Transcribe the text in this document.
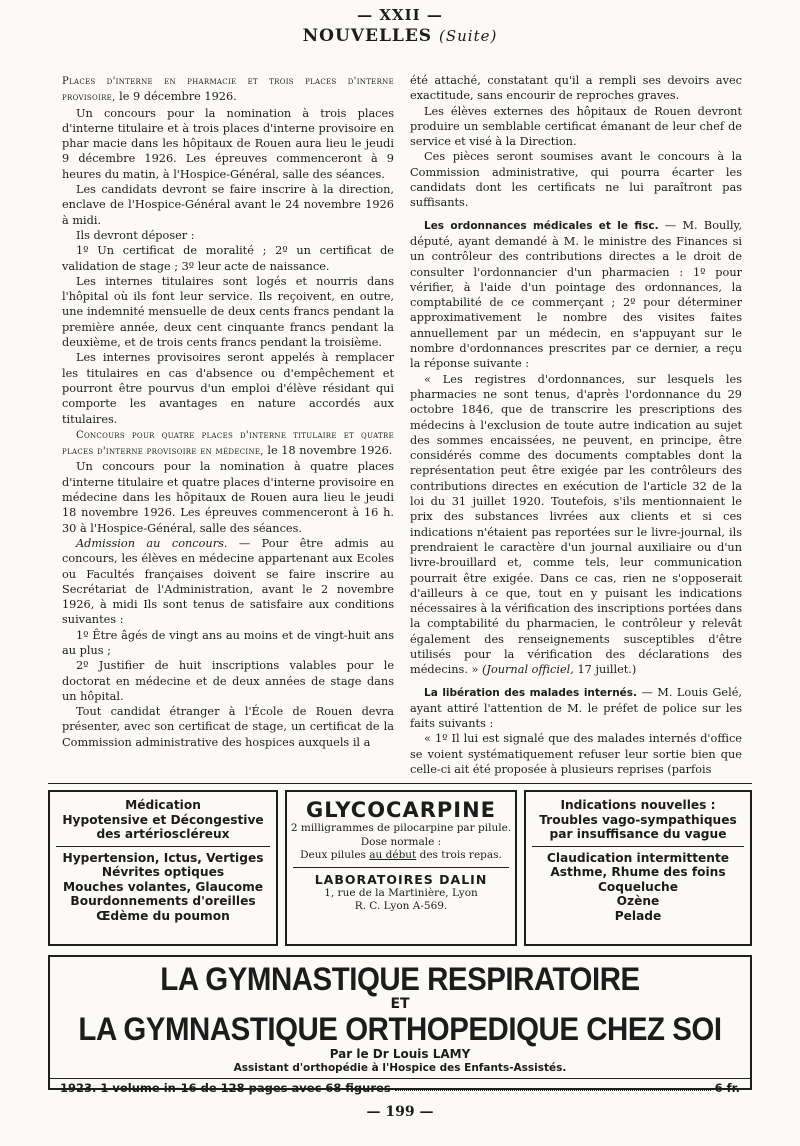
— XXII —
NOUVELLES (Suite)

Places d'interne en pharmacie et trois places d'interne provisoire, le 9 décembre 1926.

Un concours pour la nomination à trois places d'interne titulaire et à trois places d'interne provisoire en phar macie dans les hôpitaux de Rouen aura lieu le jeudi 9 décembre 1926. Les épreuves commenceront à 9 heures du matin, à l'Hospice-Général, salle des séances.

Les candidats devront se faire inscrire à la direction, enclave de l'Hospice-Général avant le 24 novembre 1926 à midi.

Ils devront déposer :

1º Un certificat de moralité ; 2º un certificat de validation de stage ; 3º leur acte de naissance.

Les internes titulaires sont logés et nourris dans l'hôpital où ils font leur service. Ils reçoivent, en outre, une indemnité mensuelle de deux cents francs pendant la première année, deux cent cinquante francs pendant la deuxième, et de trois cents francs pendant la troisième.

Les internes provisoires seront appelés à remplacer les titulaires en cas d'absence ou d'empêchement et pourront être pourvus d'un emploi d'élève résidant qui comporte les avantages en nature accordés aux titulaires.

Concours pour quatre places d'interne titulaire et quatre places d'interne provisoire en médecine, le 18 novembre 1926.

Un concours pour la nomination à quatre places d'interne titulaire et quatre places d'interne provisoire en médecine dans les hôpitaux de Rouen aura lieu le jeudi 18 novembre 1926. Les épreuves commenceront à 16 h. 30 à l'Hospice-Général, salle des séances.

Admission au concours. — Pour être admis au concours, les élèves en médecine appartenant aux Ecoles ou Facultés françaises doivent se faire inscrire au Secrétariat de l'Administration, avant le 2 novembre 1926, à midi Ils sont tenus de satisfaire aux conditions suivantes :

1º Être âgés de vingt ans au moins et de vingt-huit ans au plus ;

2º Justifier de huit inscriptions valables pour le doctorat en médecine et de deux années de stage dans un hôpital.

Tout candidat étranger à l'École de Rouen devra présenter, avec son certificat de stage, un certificat de la Commission administrative des hospices auxquels il a

été attaché, constatant qu'il a rempli ses devoirs avec exactitude, sans encourir de reproches graves.

Les élèves externes des hôpitaux de Rouen devront produire un semblable certificat émanant de leur chef de service et visé à la Direction.

Ces pièces seront soumises avant le concours à la Commission administrative, qui pourra écarter les candidats dont les certificats ne lui paraîtront pas suffisants.

Les ordonnances médicales et le fisc. — M. Boully, député, ayant demandé à M. le ministre des Finances si un contrôleur des contributions directes a le droit de consulter l'ordonnancier d'un pharmacien : 1º pour vérifier, à l'aide d'un pointage des ordonnances, la comptabilité de ce commerçant ; 2º pour déterminer approximativement le nombre des visites faites annuellement par un médecin, en s'appuyant sur le nombre d'ordonnances prescrites par ce dernier, a reçu la réponse suivante :

« Les registres d'ordonnances, sur lesquels les pharmacies ne sont tenus, d'après l'ordonnance du 29 octobre 1846, que de transcrire les prescriptions des médecins à l'exclusion de toute autre indication au sujet des sommes encaissées, ne peuvent, en principe, être considérés comme des documents comptables dont la représentation peut être exigée par les contrôleurs des contributions directes en exécution de l'article 32 de la loi du 31 juillet 1920. Toutefois, s'ils mentionnaient le prix des substances livrées aux clients et si ces indications n'étaient pas reportées sur le livre-journal, ils prendraient le caractère d'un journal auxiliaire ou d'un livre-brouillard et, comme tels, leur communication pourrait être exigée. Dans ce cas, rien ne s'opposerait d'ailleurs à ce que, tout en y puisant les indications nécessaires à la vérification des inscriptions portées dans la comptabilité du pharmacien, le contrôleur y relevât également des renseignements susceptibles d'être utilisés pour la vérification des déclarations des médecins. » (Journal officiel, 17 juillet.)

La libération des malades internés. — M. Louis Gelé, ayant attiré l'attention de M. le préfet de police sur les faits suivants :

« 1º Il lui est signalé que des malades internés d'office se voient systématiquement refuser leur sortie bien que celle-ci ait été proposée à plusieurs reprises (parfois

Médication
Hypotensive et Décongestive
des artérioscléreux
Hypertension, Ictus, Vertiges
Névrites optiques
Mouches volantes, Glaucome
Bourdonnements d'oreilles
Œdème du poumon
GLYCOCARPINE
2 milligrammes de pilocarpine par pilule.
Dose normale :
Deux pilules au début des trois repas.
LABORATOIRES DALIN
1, rue de la Martinière, Lyon
R. C. Lyon A-569.
Indications nouvelles :
Troubles vago-sympathiques
par insuffisance du vague
Claudication intermittente
Asthme, Rhume des foins
Coqueluche
Ozène
Pelade
LA GYMNASTIQUE RESPIRATOIRE
ET
LA GYMNASTIQUE ORTHOPEDIQUE CHEZ SOI
Par le Dr Louis LAMY
Assistant d'orthopédie à l'Hospice des Enfants-Assistés.
1923. 1 volume in-16 de 128 pages avec 68 figures	6 fr.
— 199 —
